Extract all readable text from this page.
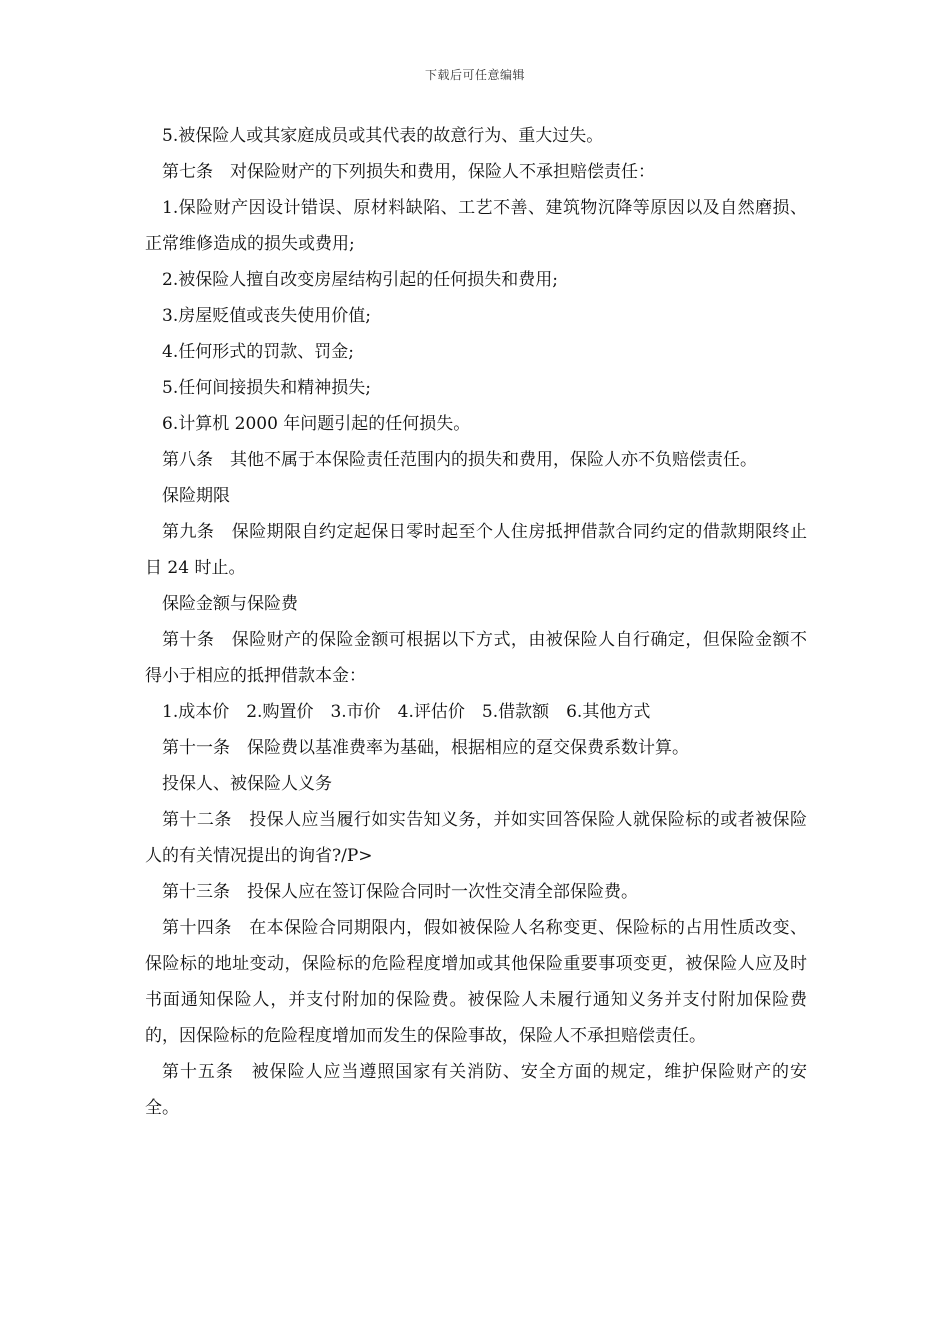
下载后可任意编辑

5.被保险人或其家庭成员或其代表的故意行为、重大过失。

第七条　对保险财产的下列损失和费用，保险人不承担赔偿责任：

1.保险财产因设计错误、原材料缺陷、工艺不善、建筑物沉降等原因以及自然磨损、正常维修造成的损失或费用;

2.被保险人擅自改变房屋结构引起的任何损失和费用;

3.房屋贬值或丧失使用价值;

4.任何形式的罚款、罚金;

5.任何间接损失和精神损失;

6.计算机 2000 年问题引起的任何损失。

第八条　其他不属于本保险责任范围内的损失和费用，保险人亦不负赔偿责任。

保险期限

第九条　保险期限自约定起保日零时起至个人住房抵押借款合同约定的借款期限终止日 24 时止。

保险金额与保险费

第十条　保险财产的保险金额可根据以下方式，由被保险人自行确定，但保险金额不得小于相应的抵押借款本金：

1.成本价　2.购置价　3.市价　4.评估价　5.借款额　6.其他方式

第十一条　保险费以基准费率为基础，根据相应的趸交保费系数计算。

投保人、被保险人义务

第十二条　投保人应当履行如实告知义务，并如实回答保险人就保险标的或者被保险人的有关情况提出的询省?/P>

第十三条　投保人应在签订保险合同时一次性交清全部保险费。

第十四条　在本保险合同期限内，假如被保险人名称变更、保险标的占用性质改变、保险标的地址变动，保险标的危险程度增加或其他保险重要事项变更，被保险人应及时书面通知保险人，并支付附加的保险费。被保险人未履行通知义务并支付附加保险费的，因保险标的危险程度增加而发生的保险事故，保险人不承担赔偿责任。

第十五条　被保险人应当遵照国家有关消防、安全方面的规定，维护保险财产的安全。
